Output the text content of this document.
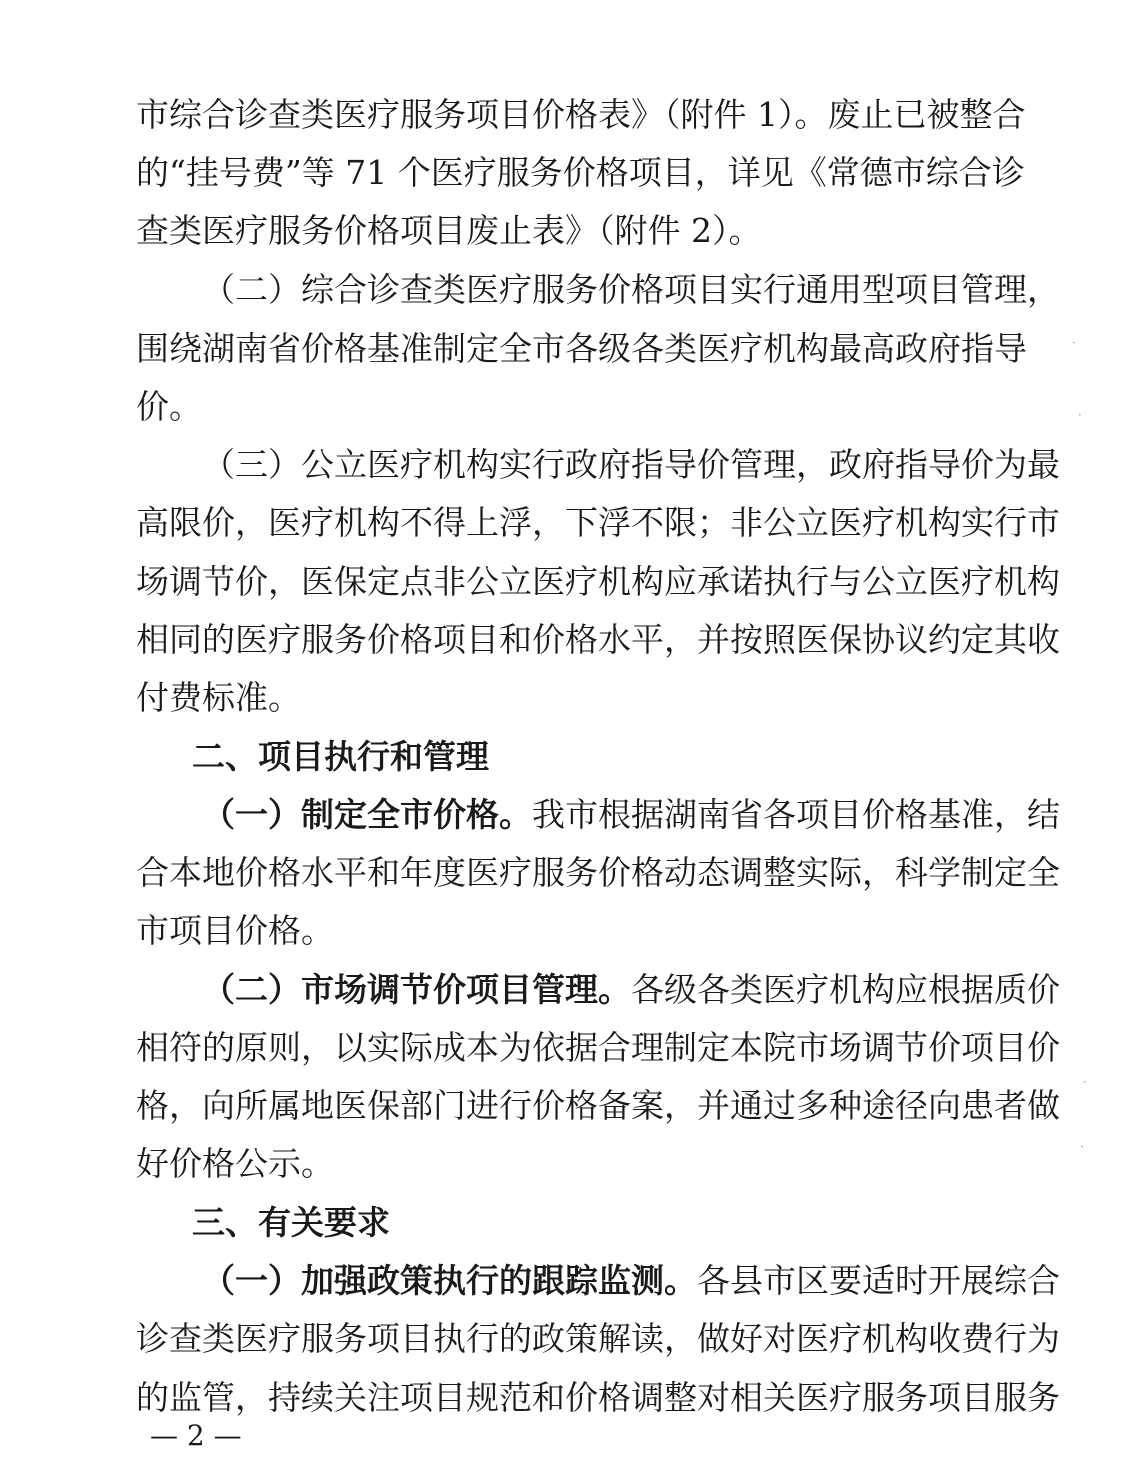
市综合诊查类医疗服务项目价格表》（附件 1）。废止已被整合
的“挂号费”等 71 个医疗服务价格项目，详见《常德市综合诊
查类医疗服务价格项目废止表》（附件 2）。
（二）综合诊查类医疗服务价格项目实行通用型项目管理，
围绕湖南省价格基准制定全市各级各类医疗机构最高政府指导
价。
（三）公立医疗机构实行政府指导价管理，政府指导价为最
高限价，医疗机构不得上浮，下浮不限；非公立医疗机构实行市
场调节价，医保定点非公立医疗机构应承诺执行与公立医疗机构
相同的医疗服务价格项目和价格水平，并按照医保协议约定其收
付费标准。
二、项目执行和管理
（一）制定全市价格。我市根据湖南省各项目价格基准，结
合本地价格水平和年度医疗服务价格动态调整实际，科学制定全
市项目价格。
（二）市场调节价项目管理。各级各类医疗机构应根据质价
相符的原则，以实际成本为依据合理制定本院市场调节价项目价
格，向所属地医保部门进行价格备案，并通过多种途径向患者做
好价格公示。
三、有关要求
（一）加强政策执行的跟踪监测。各县市区要适时开展综合
诊查类医疗服务项目执行的政策解读，做好对医疗机构收费行为
的监管，持续关注项目规范和价格调整对相关医疗服务项目服务
— 2 —
·
·
·
·
